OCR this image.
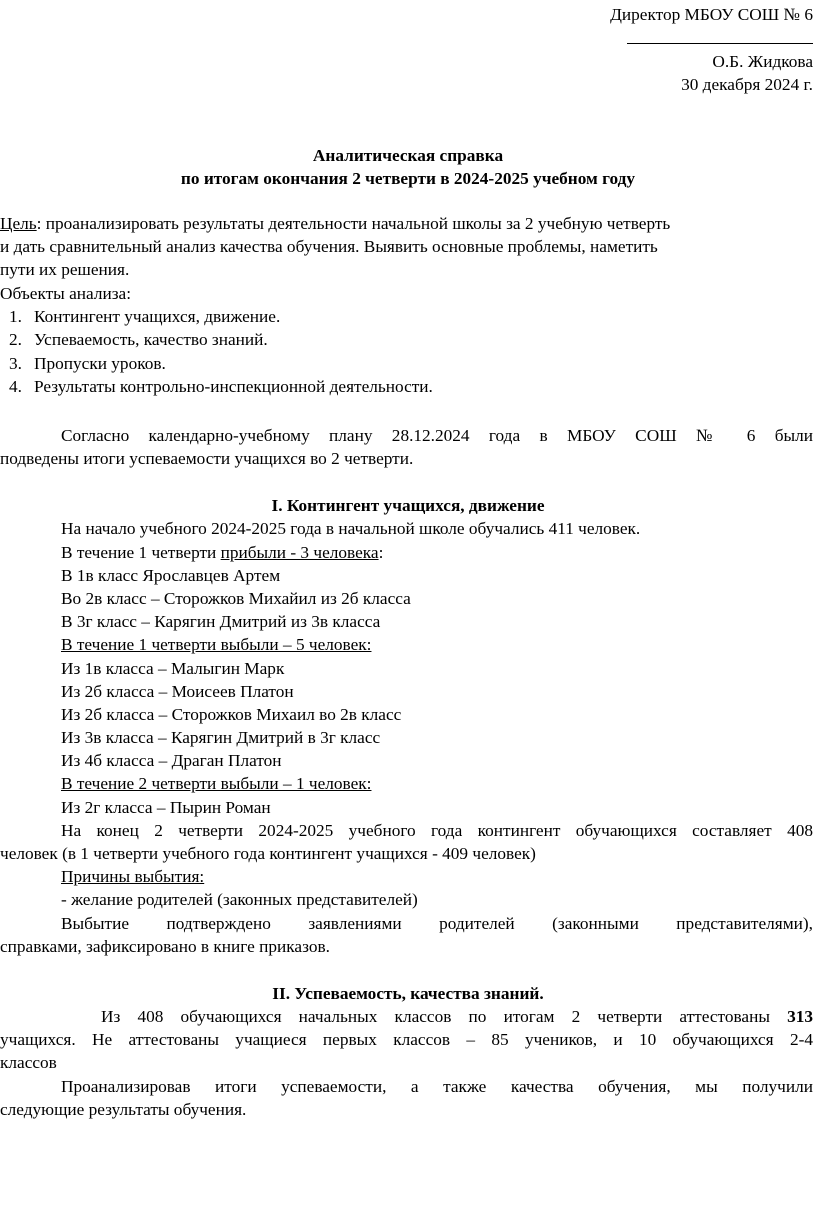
Директор МБОУ СОШ № 6
О.Б. Жидкова
30 декабря 2024 г.
Аналитическая справка
по итогам окончания 2 четверти в 2024-2025 учебном году
Цель: проанализировать результаты деятельности начальной школы за 2 учебную четверть
и дать сравнительный анализ качества обучения. Выявить основные проблемы, наметить
пути их решения.
Объекты анализа:
1. Контингент учащихся, движение.
2. Успеваемость, качество знаний.
3. Пропуски уроков.
4. Результаты контрольно-инспекционной деятельности.
Согласно календарно-учебному плану 28.12.2024 года в МБОУ СОШ № 6 были
подведены итоги успеваемости учащихся во 2 четверти.
I. Контингент учащихся, движение
На начало учебного 2024-2025 года в начальной школе обучались 411 человек.
В течение 1 четверти прибыли - 3 человека:
В 1в класс Ярославцев Артем
Во 2в класс – Сторожков Михайил из 2б класса
В 3г класс – Карягин Дмитрий из 3в класса
В течение 1 четверти выбыли – 5 человек:
Из 1в класса – Малыгин Марк
Из 2б класса – Моисеев Платон
Из 2б класса – Сторожков Михаил во 2в класс
Из 3в класса – Карягин Дмитрий в 3г класс
Из 4б класса – Драган Платон
В течение 2 четверти выбыли – 1 человек:
Из 2г класса – Пырин Роман
На конец 2 четверти 2024-2025 учебного года контингент обучающихся составляет 408
человек (в 1 четверти учебного года контингент учащихся - 409 человек)
Причины выбытия:
- желание родителей (законных представителей)
Выбытие подтверждено заявлениями родителей (законными представителями),
справками, зафиксировано в книге приказов.
II. Успеваемость, качества знаний.
Из 408 обучающихся начальных классов по итогам 2 четверти аттестованы 313
учащихся. Не аттестованы учащиеся первых классов – 85 учеников, и 10 обучающихся 2-4
классов
Проанализировав итоги успеваемости, а также качества обучения, мы получили
следующие результаты обучения.
